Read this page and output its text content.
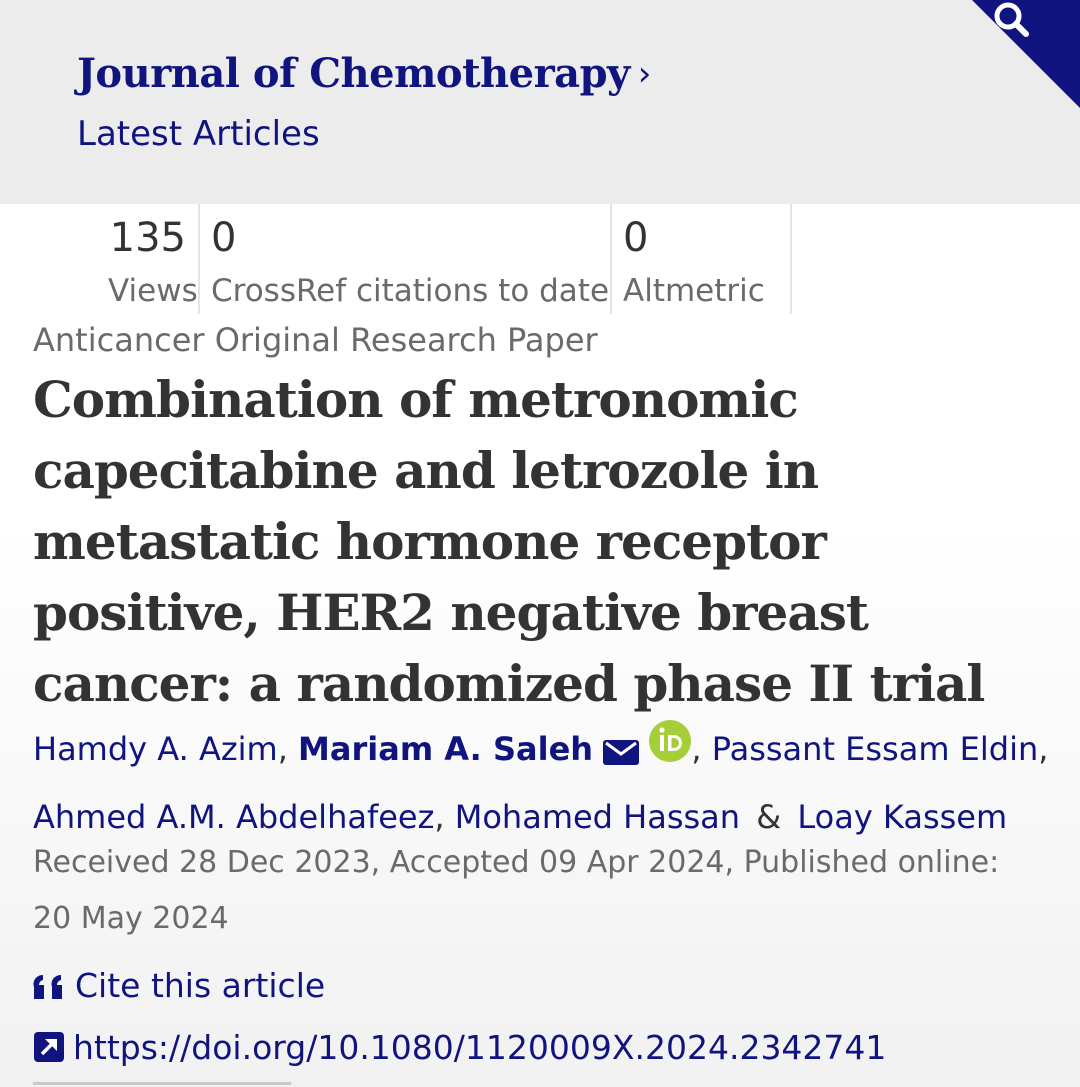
Journal of Chemotherapy ›
Latest Articles
135
Views
0
CrossRef citations to date
0
Altmetric
Anticancer Original Research Paper
Combination of metronomic
capecitabine and letrozole in
metastatic hormone receptor
positive, HER2 negative breast
cancer: a randomized phase II trial
Hamdy A. Azim, Mariam A. Saleh	, Passant Essam Eldin,
Ahmed A.M. Abdelhafeez, Mohamed Hassan & Loay Kassem
Received 28 Dec 2023, Accepted 09 Apr 2024, Published online: 20 May 2024
Cite this article
https://doi.org/10.1080/1120009X.2024.2342741
